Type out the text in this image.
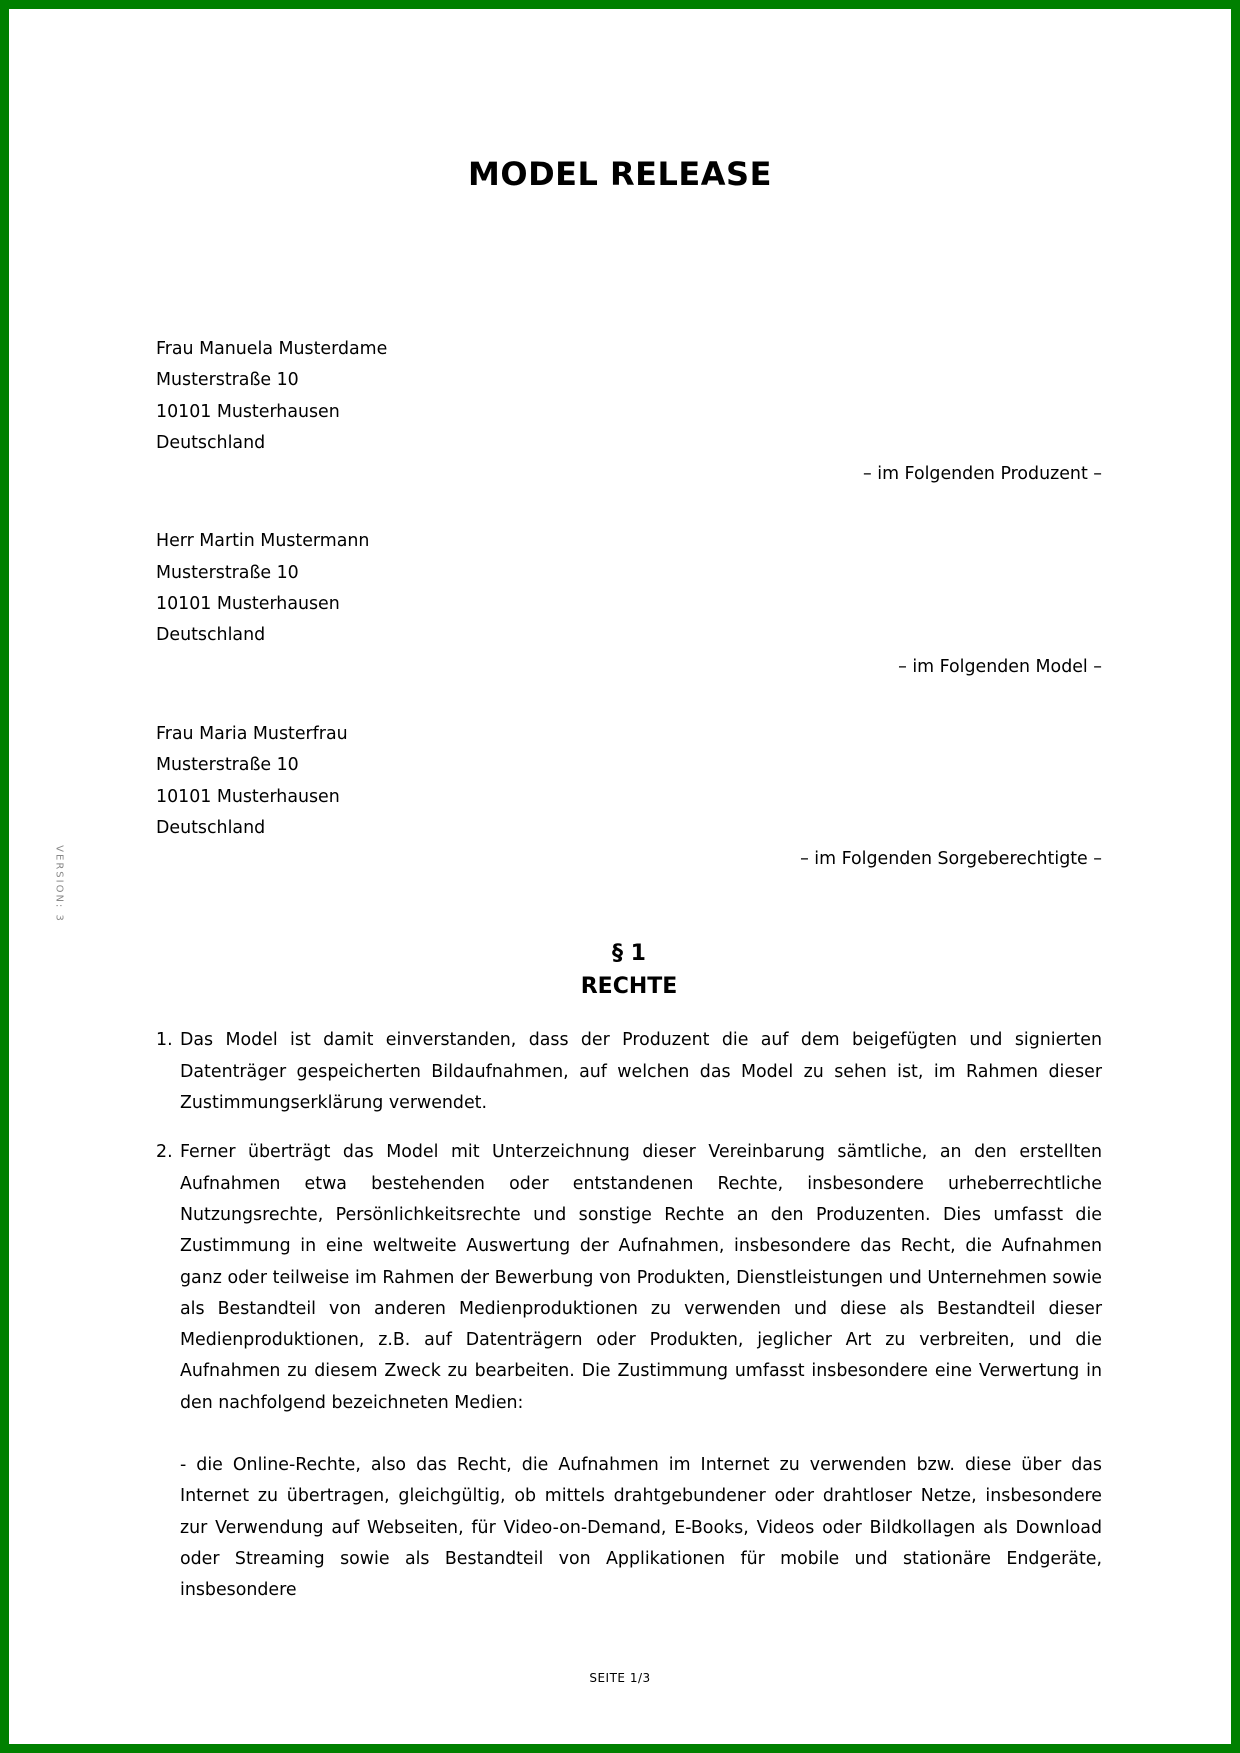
MODEL RELEASE
VERSION: 3
Frau Manuela Musterdame
Musterstraße 10
10101 Musterhausen
Deutschland
– im Folgenden Produzent –
Herr Martin Mustermann
Musterstraße 10
10101 Musterhausen
Deutschland
– im Folgenden Model –
Frau Maria Musterfrau
Musterstraße 10
10101 Musterhausen
Deutschland
– im Folgenden Sorgeberechtigte –
§ 1
RECHTE
1. Das Model ist damit einverstanden, dass der Produzent die auf dem beigefügten und signierten Datenträger gespeicherten Bildaufnahmen, auf welchen das Model zu sehen ist, im Rahmen dieser Zustimmungserklärung verwendet.

2. Ferner überträgt das Model mit Unterzeichnung dieser Vereinbarung sämtliche, an den erstellten Aufnahmen etwa bestehenden oder entstandenen Rechte, insbesondere urheberrechtliche Nutzungsrechte, Persönlichkeitsrechte und sonstige Rechte an den Produzenten. Dies umfasst die Zustimmung in eine weltweite Auswertung der Aufnahmen, insbesondere das Recht, die Aufnahmen ganz oder teilweise im Rahmen der Bewerbung von Produkten, Dienstleistungen und Unternehmen sowie als Bestandteil von anderen Medienproduktionen zu verwenden und diese als Bestandteil dieser Medienproduktionen, z.B. auf Datenträgern oder Produkten, jeglicher Art zu verbreiten, und die Aufnahmen zu diesem Zweck zu bearbeiten. Die Zustimmung umfasst insbesondere eine Verwertung in den nachfolgend bezeichneten Medien:

- die Online-Rechte, also das Recht, die Aufnahmen im Internet zu verwenden bzw. diese über das Internet zu übertragen, gleichgültig, ob mittels drahtgebundener oder drahtloser Netze, insbesondere zur Verwendung auf Webseiten, für Video-on-Demand, E-Books, Videos oder Bildkollagen als Download oder Streaming sowie als Bestandteil von Applikationen für mobile und stationäre Endgeräte, insbesondere

SEITE 1/3
